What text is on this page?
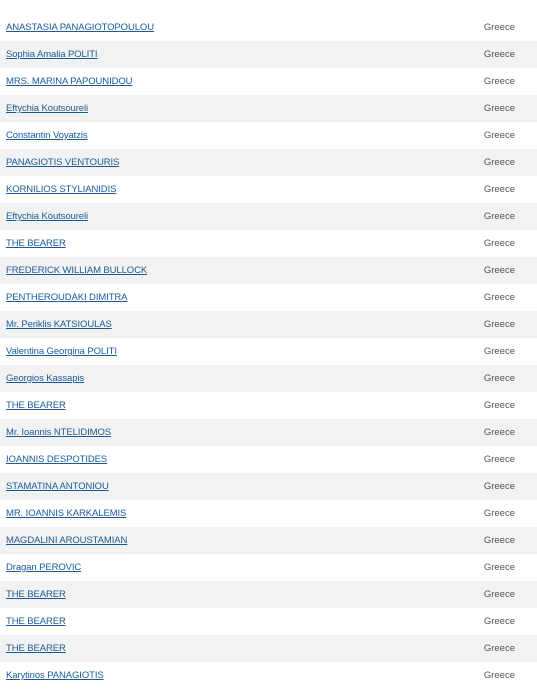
ANASTASIA PANAGIOTOPOULOU	Greece
Sophia Amalia POLITI	Greece
MRS. MARINA PAPOUNIDOU	Greece
Eftychia Koutsoureli	Greece
Constantin Voyatzis	Greece
PANAGIOTIS VENTOURIS	Greece
KORNILIOS STYLIANIDIS	Greece
Eftychia Koutsoureli	Greece
THE BEARER	Greece
FREDERICK WILLIAM BULLOCK	Greece
PENTHEROUDAKI DIMITRA	Greece
Mr. Periklis KATSIOULAS	Greece
Valentina Georgina POLITI	Greece
Georgios Kassapis	Greece
THE BEARER	Greece
Mr. Ioannis NTELIDIMOS	Greece
IOANNIS DESPOTIDES	Greece
STAMATINA ANTONIOU	Greece
MR. IOANNIS KARKALEMIS	Greece
MAGDALINI AROUSTAMIAN	Greece
Dragan PEROVIC	Greece
THE BEARER	Greece
THE BEARER	Greece
THE BEARER	Greece
Karytinos PANAGIOTIS	Greece
